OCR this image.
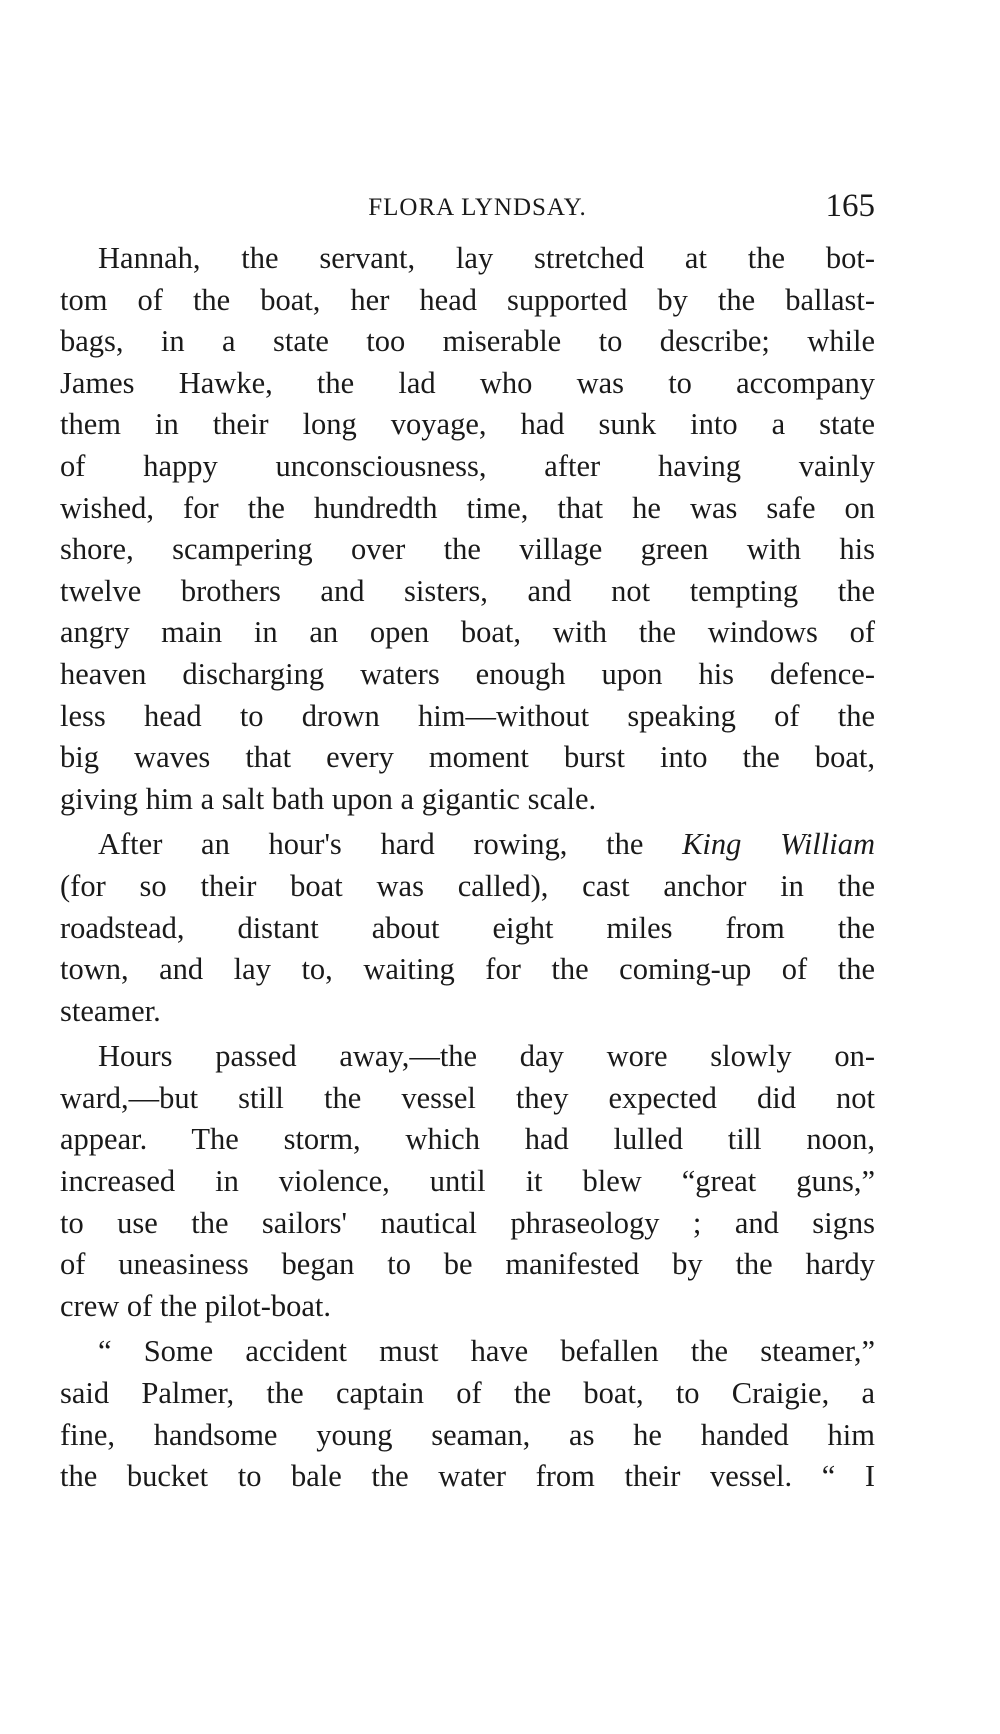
FLORA LYNDSAY.	165
Hannah, the servant, lay stretched at the bot-
tom of the boat, her head supported by the ballast-
bags, in a state too miserable to describe; while
James Hawke, the lad who was to accompany
them in their long voyage, had sunk into a state
of happy unconsciousness, after having vainly
wished, for the hundredth time, that he was safe on
shore, scampering over the village green with his
twelve brothers and sisters, and not tempting the
angry main in an open boat, with the windows of
heaven discharging waters enough upon his defence-
less head to drown him—without speaking of the
big waves that every moment burst into the boat,
giving him a salt bath upon a gigantic scale.
After an hour's hard rowing, the King William
(for so their boat was called), cast anchor in the
roadstead, distant about eight miles from the
town, and lay to, waiting for the coming-up of the
steamer.
Hours passed away,—the day wore slowly on-
ward,—but still the vessel they expected did not
appear. The storm, which had lulled till noon,
increased in violence, until it blew “great guns,”
to use the sailors' nautical phraseology ; and signs
of uneasiness began to be manifested by the hardy
crew of the pilot-boat.
“ Some accident must have befallen the steamer,”
said Palmer, the captain of the boat, to Craigie, a
fine, handsome young seaman, as he handed him
the bucket to bale the water from their vessel. “ I
